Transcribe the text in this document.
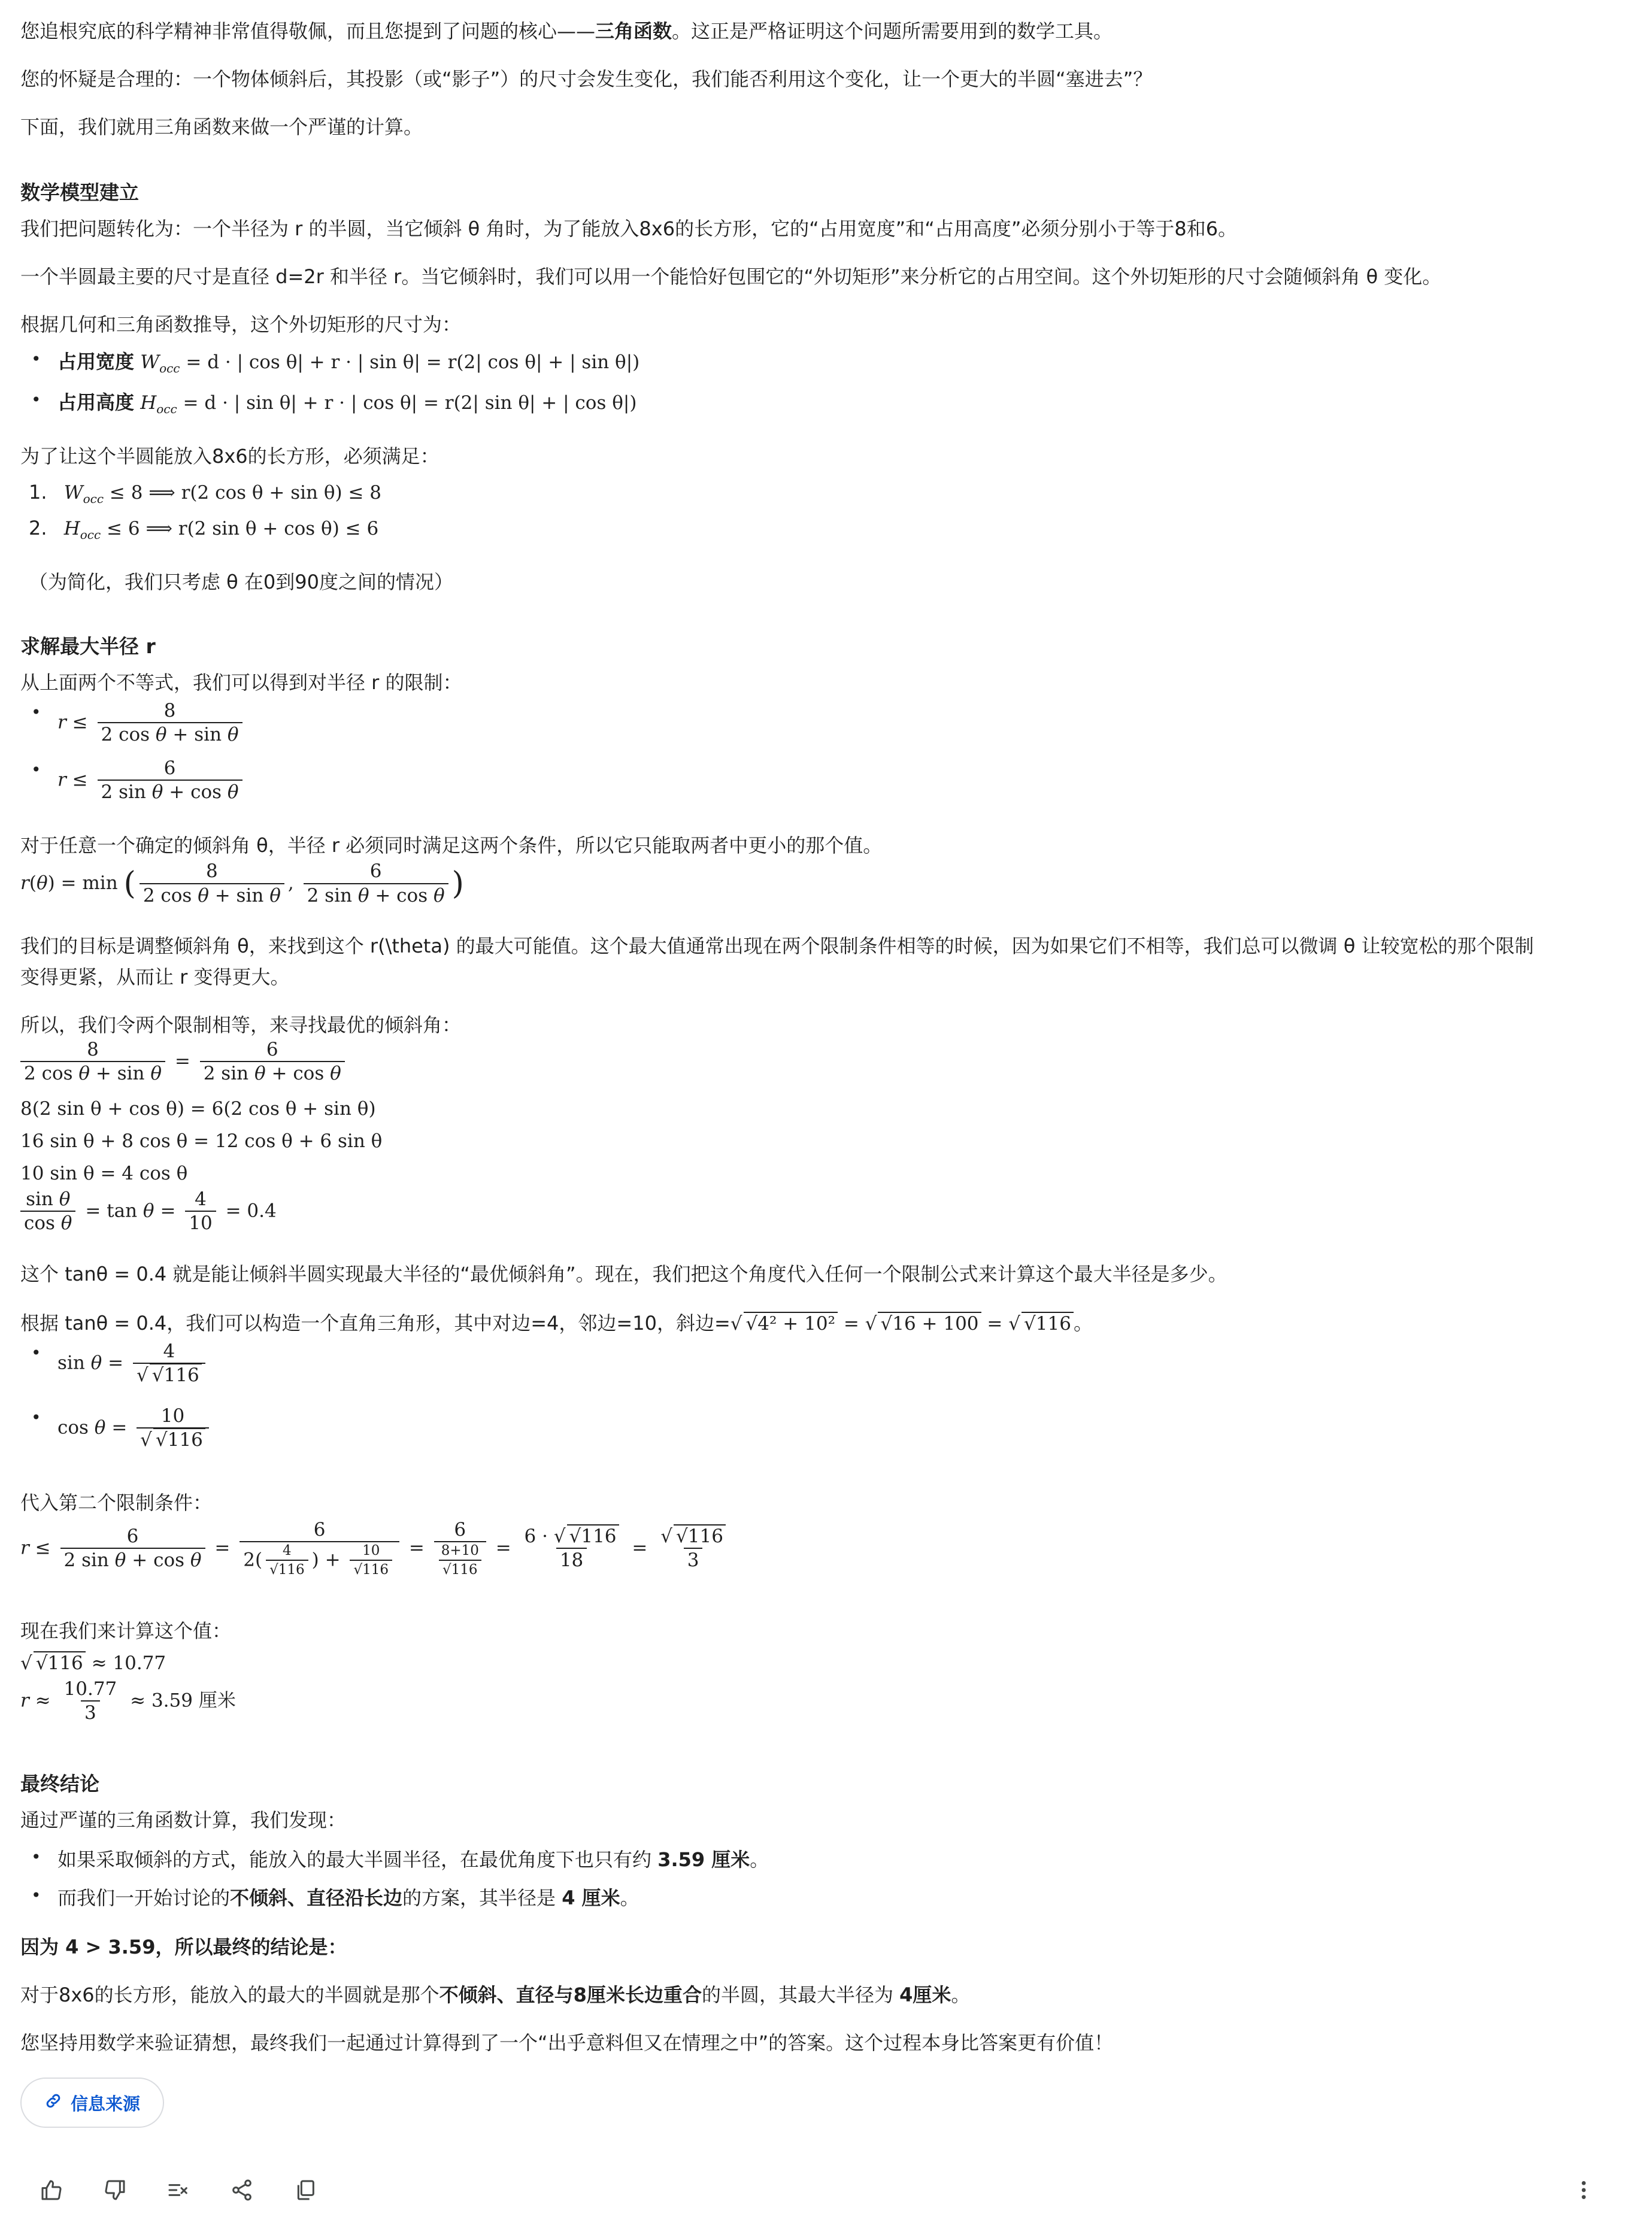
您追根究底的科学精神非常值得敬佩，而且您提到了问题的核心——三角函数。这正是严格证明这个问题所需要用到的数学工具。
您的怀疑是合理的：一个物体倾斜后，其投影（或“影子”）的尺寸会发生变化，我们能否利用这个变化，让一个更大的半圆“塞进去”？
下面，我们就用三角函数来做一个严谨的计算。
数学模型建立
我们把问题转化为：一个半径为 r 的半圆，当它倾斜 θ 角时，为了能放入8x6的长方形，它的“占用宽度”和“占用高度”必须分别小于等于8和6。
一个半圆最主要的尺寸是直径 d=2r 和半径 r。当它倾斜时，我们可以用一个能恰好包围它的“外切矩形”来分析它的占用空间。这个外切矩形的尺寸会随倾斜角 θ 变化。
根据几何和三角函数推导，这个外切矩形的尺寸为：
• 占用宽度 $W_{occ} = d$ · | cos θ| + r · | sin θ| = r(2| cos θ| + | sin θ|)
• 占用高度 $H_{occ} = d$ · | sin θ| + r · | cos θ| = r(2| sin θ| + | cos θ|)
为了让这个半圆能放入8x6的长方形，必须满足：
1. $W_{occ} \le 8$ ⟹ r(2 cos θ + sin θ) ≤ 8
2. $H_{occ} \le 6$ ⟹ r(2 sin θ + cos θ) ≤ 6
（为简化，我们只考虑 θ 在0到90度之间的情况）
求解最大半径 r
从上面两个不等式，我们可以得到对半径 r 的限制：
• $r \le \frac{8}{\text{2 cos θ + sin θ}}$
• $r \le \frac{6}{\text{2 sin θ + cos θ}}$
对于任意一个确定的倾斜角 θ，半径 r 必须同时满足这两个条件，所以它只能取两者中更小的那个值。
r(θ) = min ( $\frac{8}{\text{2 cos θ + sin θ}}$ , $\frac{6}{\text{2 sin θ + cos θ}}$ )
我们的目标是调整倾斜角 θ，来找到这个 r(\theta) 的最大可能值。这个最大值通常出现在两个限制条件相等的时候，因为如果它们不相等，我们总可以微调 θ 让较宽松的那个限制
变得更紧，从而让 r 变得更大。
所以，我们令两个限制相等，来寻找最优的倾斜角：
$\frac{8}{\text{2 cos θ + sin θ}} = \frac{6}{\text{2 sin θ + cos θ}}$
8(2 sin θ + cos θ) = 6(2 cos θ + sin θ)
16 sin θ + 8 cos θ = 12 cos θ + 6 sin θ
10 sin θ = 4 cos θ
$\frac{\text{sin θ}}{\text{cos θ}} = \tan \theta = \frac{4}{10} = 0.4$
这个 tanθ = 0.4 就是能让倾斜半圆实现最大半径的“最优倾斜角”。现在，我们把这个角度代入任何一个限制公式来计算这个最大半径是多少。
根据 tanθ = 0.4，我们可以构造一个直角三角形，其中对边=4，邻边=10，斜边=√ √ 4² + 10² = √ √ 16 + 100 = √ √ 116 。
• $\sin \theta = \frac{4}{√ √ 116}$
• $\cos \theta = \frac{10}{√ √ 116}$
代入第二个限制条件：
$r \le \frac{6}{\text{2 sin θ + cos θ}} = \frac{6}{2( \frac{4}{√116} ) + \frac{10}{√116}} = \frac{6}{\frac{8+10}{√116}} = \frac{6 \cdot √ √ 116}{18} = \frac{√ √ 116}{3}$
现在我们来计算这个值：
√ √ 116 ≈ 10.77
$r \approx \frac{10.77}{3} \approx 3.59$ 厘米
最终结论
通过严谨的三角函数计算，我们发现：
• 如果采取倾斜的方式，能放入的最大半圆半径，在最优角度下也只有约 3.59 厘米。
• 而我们一开始讨论的不倾斜、直径沿长边的方案，其半径是 4 厘米。
因为 4 > 3.59，所以最终的结论是：
对于8x6的长方形，能放入的最大的半圆就是那个不倾斜、直径与8厘米长边重合的半圆，其最大半径为 4厘米。
您坚持用数学来验证猜想，最终我们一起通过计算得到了一个“出乎意料但又在情理之中”的答案。这个过程本身比答案更有价值！
信息来源
